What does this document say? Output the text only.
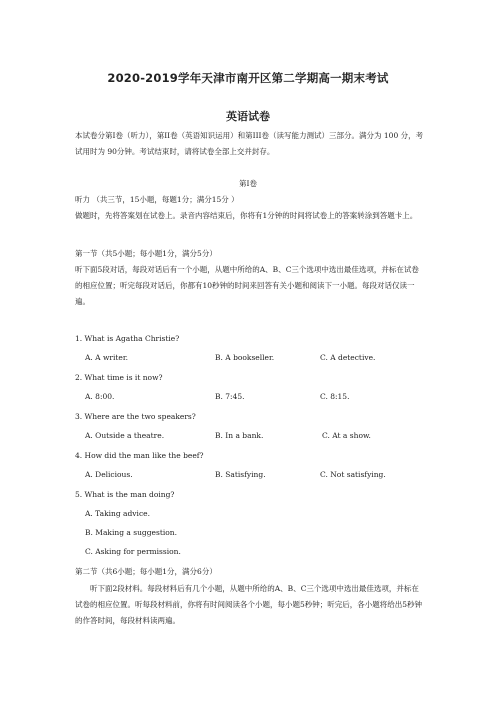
2020-2019学年天津市南开区第二学期高一期末考试
英语试卷

本试卷分第Ⅰ卷（听力），第II卷（英语知识运用）和第III卷（读写能力测试）三部分。满分为 100 分，考试用时为 90分钟。考试结束时，请将试卷全部上交并封存。

第Ⅰ卷
听力 （共三节，15小题，每题1分；满分15分 ）

做题时，先将答案划在试卷上。录音内容结束后，你将有1分钟的时间将试卷上的答案转涂到答题卡上。

第一节（共5小题；每小题1分，满分5分）

听下面5段对话，每段对话后有一个小题，从题中所给的A、B、C三个选项中选出最佳选项，并标在试卷的相应位置；听完每段对话后，你都有10秒钟的时间来回答有关小题和阅读下一小题。每段对话仅读一遍。

1. What is Agatha Christie?
A. A writer.	B. A bookseller.	C. A detective.
2. What time is it now?
A. 8:00.	B. 7:45.	C. 8:15.
3. Where are the two speakers?
A. Outside a theatre.	B. In a bank.	C. At a show.
4. How did the man like the beef?
A. Delicious.	B. Satisfying.	C. Not satisfying.
5. What is the man doing?
A. Taking advice.
B. Making a suggestion.
C. Asking for permission.
第二节（共6小题；每小题1分，满分6分）

听下面2段材料。每段材料后有几个小题，从题中所给的A、B、C三个选项中选出最佳选项，并标在试卷的相应位置。听每段材料前，你将有时间阅读各个小题，每小题5秒钟；听完后，各小题将给出5秒钟的作答时间，每段材料读两遍。
